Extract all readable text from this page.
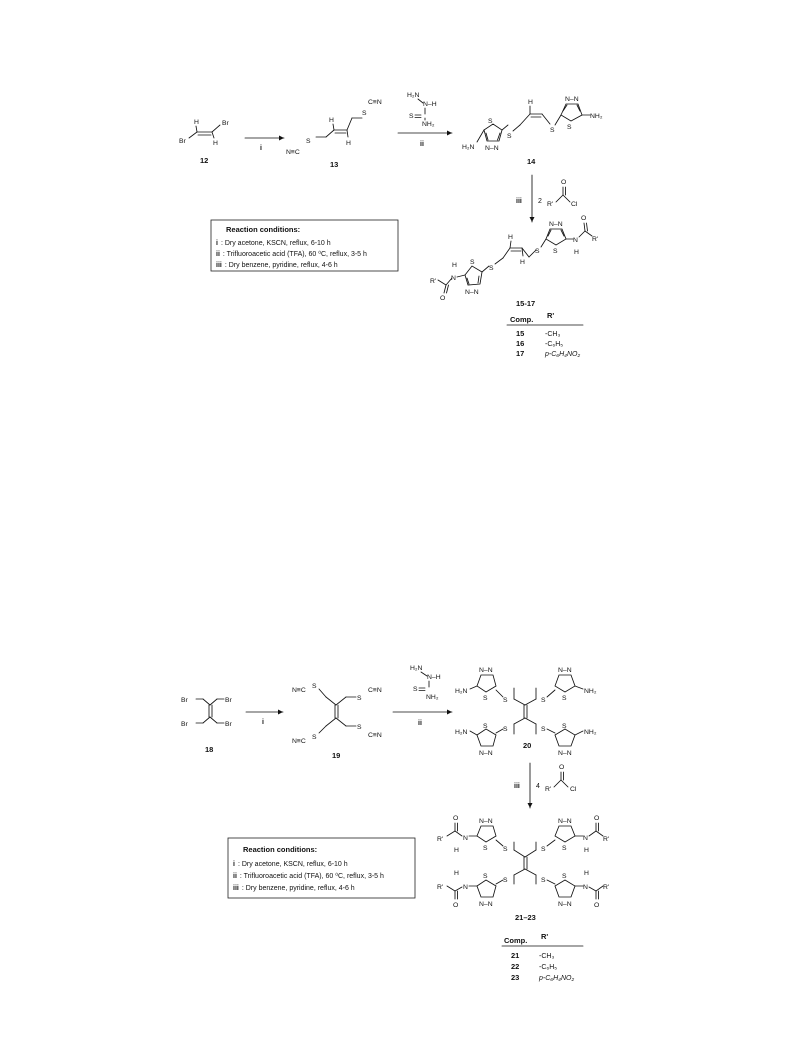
Br
Br
H
H
12
i
S
N≡C
S
C≡N
H
H
13
H₂N
N–H
S
NH₂
ii
S
N–N
H₂N
S
H
S
N–N
S
NH₂
14
iii 2 R'
O
Cl
Reaction conditions:
i : Dry acetone, KSCN, reflux, 6-10 h
ii : Trifluoroacetic acid (TFA), 60 ⁰C, reflux, 3-5 h
iii : Dry benzene, pyridine, reflux, 4-6 h
R'
O
N
H S
N–N
S
H
H
S
N–N
S
N
H
O
R'
15-17
Comp. R'
15	-CH₃
16	-C₆H₅
17	p-C₆H₄NO₂
Br	Br
Br	Br
18
i
S
N≡C
S
C≡N
S
N≡C
S
C≡N
19
H₂N
N–H
S
NH₂
ii
S
N–N
S
H₂N
S
N–N
S
NH₂
S
S
N–N
H₂N	S S
N–N
NH₂
20
iii 4 R'
O
Cl
Reaction conditions:
i : Dry acetone, KSCN, reflux, 6-10 h
ii : Trifluoroacetic acid (TFA), 60 ⁰C, reflux, 3-5 h
iii : Dry benzene, pyridine, reflux, 4-6 h
S
N–N
S
N
H
O
R'
S
N–N
S
N
H
O
R'
S
S
N–N
N
H
O
R'
S
S
N–N
N
H
O
R'
21–23
Comp. R'
21	-CH₃
22	-C₆H₅
23	p-C₆H₄NO₂
